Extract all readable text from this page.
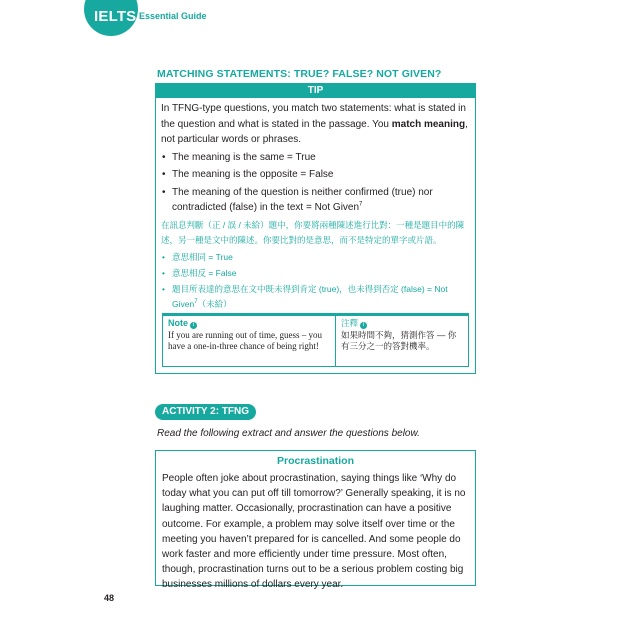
IELTS Essential Guide
MATCHING STATEMENTS: TRUE? FALSE? NOT GIVEN?
TIP

In TFNG-type questions, you match two statements: what is stated in the question and what is stated in the passage. You match meaning, not particular words or phrases.

• The meaning is the same = True
• The meaning is the opposite = False
• The meaning of the question is neither confirmed (true) nor contradicted (false) in the text = Not Given$^7$

在訊息判斷（正 / 誤 / 未給）題中，你要將兩種陳述進行比對：一種是題目中的陳述，另一種是文中的陳述。你要比對的是意思，而不是特定的單字或片語。

• 意思相同 = True
• 意思相反 = False
• 題目所表達的意思在文中既未得到肯定 (true)，也未得到否定 (false) = Not Given$^7$（未給）
Note i
If you are running out of time, guess – you have a one-in-three chance of being right!
注釋 i
如果時間不夠，猜測作答 — 你有三分之一的答對機率。
ACTIVITY 2: TFNG
Read the following extract and answer the questions below.
Procrastination
People often joke about procrastination, saying things like ‘Why do today what you can put off till tomorrow?’ Generally speaking, it is no laughing matter. Occasionally, procrastination can have a positive outcome. For example, a problem may solve itself over time or the meeting you haven’t prepared for is cancelled. And some people do work faster and more efficiently under time pressure. Most often, though, procrastination turns out to be a serious problem costing big businesses millions of dollars every year.
48
